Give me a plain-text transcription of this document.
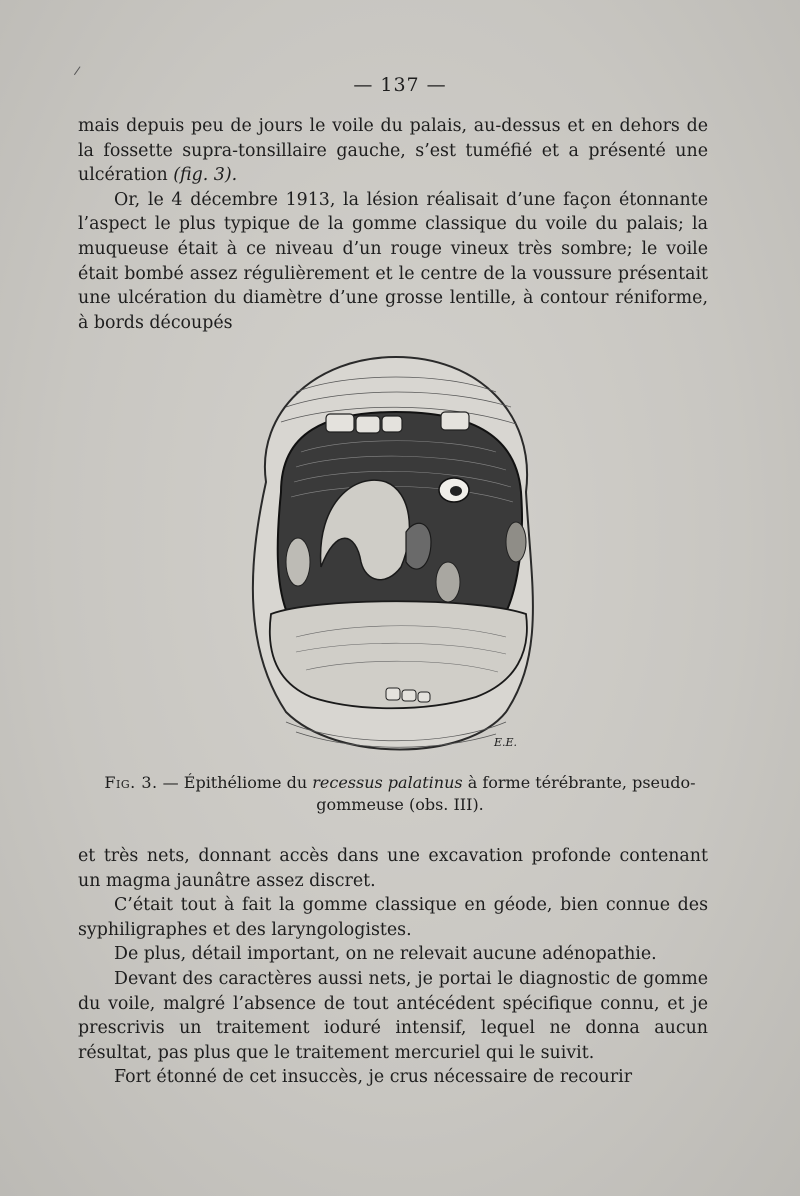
— 137 —

mais depuis peu de jours le voile du palais, au-dessus et en dehors de la fossette supra-tonsillaire gauche, s’est tuméfié et a présenté une ulcération (fig. 3).

Or, le 4 décembre 1913, la lésion réalisait d’une façon étonnante l’aspect le plus typique de la gomme classique du voile du palais; la muqueuse était à ce niveau d’un rouge vineux très sombre; le voile était bombé assez régulièrement et le centre de la voussure présentait une ulcération du diamètre d’une grosse lentille, à contour réniforme, à bords découpés

E.E.
Fig. 3. — Épithéliome du recessus palatinus à forme térébrante, pseudo-gommeuse (obs. III).

et très nets, donnant accès dans une excavation profonde contenant un magma jaunâtre assez discret.

C’était tout à fait la gomme classique en géode, bien connue des syphiligraphes et des laryngologistes.

De plus, détail important, on ne relevait aucune adénopathie.

Devant des caractères aussi nets, je portai le diagnostic de gomme du voile, malgré l’absence de tout antécédent spécifique connu, et je prescrivis un traitement ioduré intensif, lequel ne donna aucun résultat, pas plus que le traitement mercuriel qui le suivit.

Fort étonné de cet insuccès, je crus nécessaire de recourir
